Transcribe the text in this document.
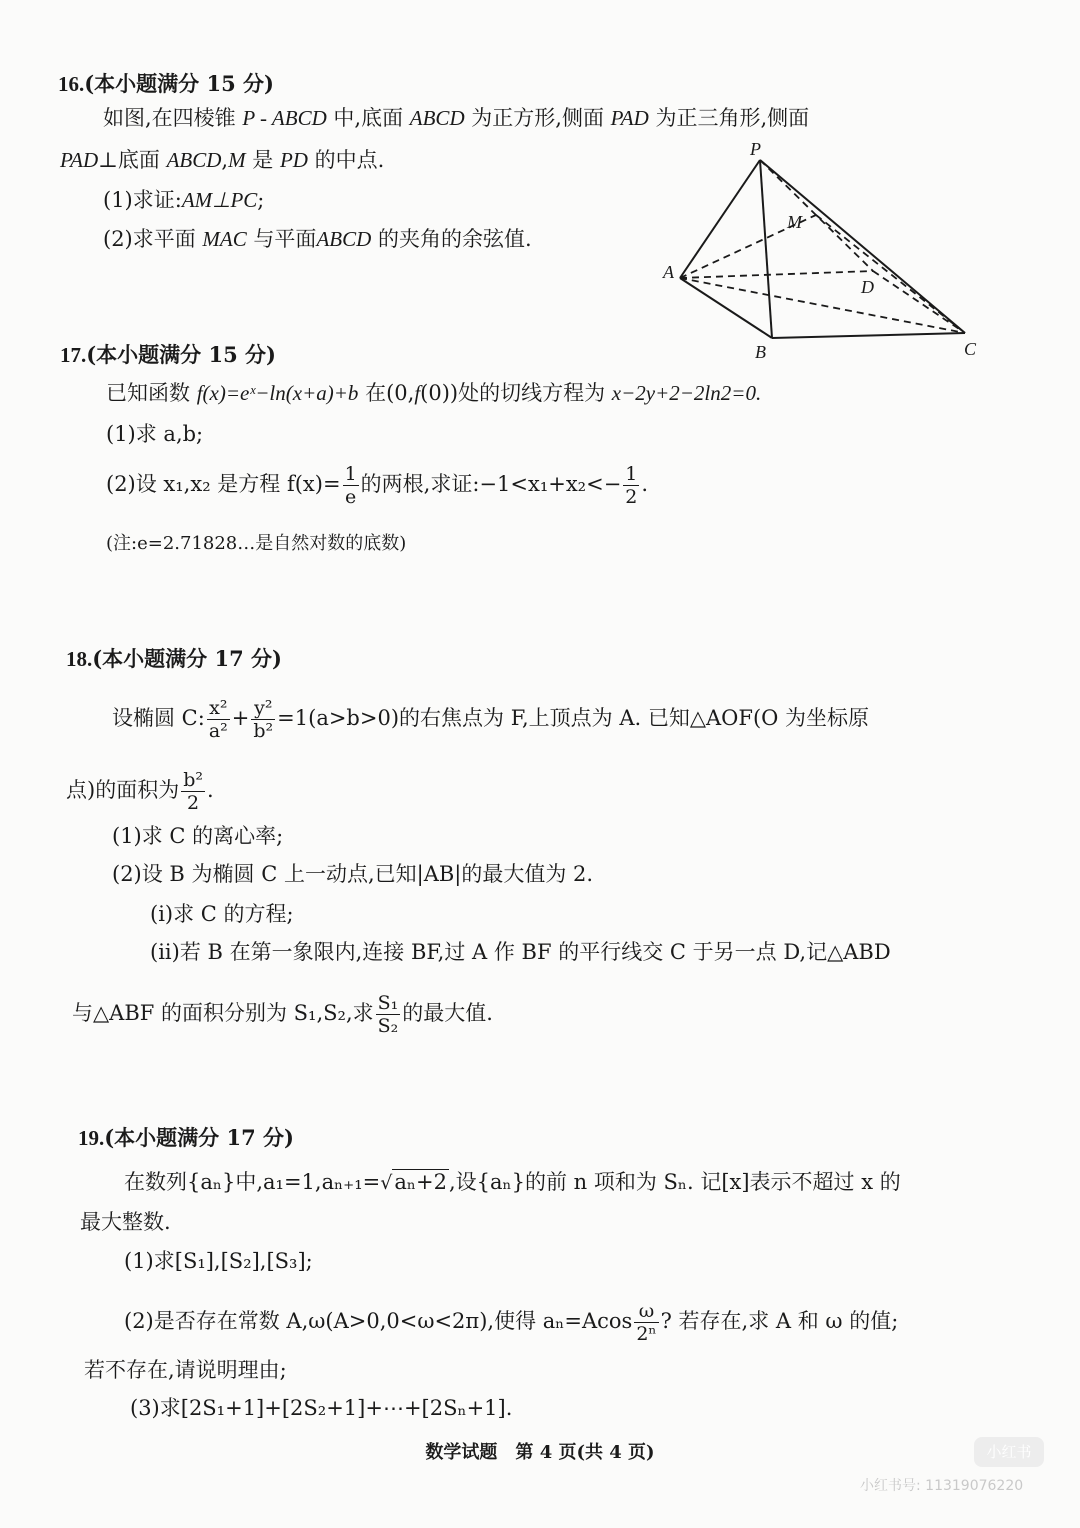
16.(本小题满分 15 分)
如图,在四棱锥 P - ABCD 中,底面 ABCD 为正方形,侧面 PAD 为正三角形,侧面
PAD⊥底面 ABCD,M 是 PD 的中点.
(1)求证:AM⊥PC;
(2)求平面 MAC 与平面ABCD 的夹角的余弦值.
P
M
A
D
B	C
17.(本小题满分 15 分)
已知函数 f(x)=eˣ−ln(x+a)+b 在(0,f(0))处的切线方程为 x−2y+2−2ln2=0.
(1)求 a,b;
(2)设 x₁,x₂ 是方程 $f(x)= \frac{1}{e}$ 的两根,求证:−1<x₁+x₂<− $\frac{1}{2}$ .
(注:e=2.71828…是自然对数的底数)
18.(本小题满分 17 分)
设椭圆 C: $\frac{\text{x²}}{\text{a²}} + \frac{\text{y²}}{\text{b²}} =1(a>b>0)$的右焦点为 F,上顶点为 A. 已知△AOF(O 为坐标原
点)的面积为 $\frac{\text{b²}}{2}$ .
(1)求 C 的离心率;
(2)设 B 为椭圆 C 上一动点,已知|AB|的最大值为 2.
(i)求 C 的方程;
(ii)若 B 在第一象限内,连接 BF,过 A 作 BF 的平行线交 C 于另一点 D,记△ABD
与△ABF 的面积分别为 S₁,S₂,求 $\frac{\text{S₁}}{\text{S₂}}$ 的最大值.
19.(本小题满分 17 分)
在数列{aₙ}中,a₁=1,aₙ₊₁=√aₙ+2,设{aₙ}的前 n 项和为 Sₙ. 记[x]表示不超过 x 的
最大整数.
(1)求[S₁],[S₂],[S₃];
(2)是否存在常数 A,ω(A>0,0<ω<2π),使得 $a_n=Acos \frac{\omega}{\text{2ⁿ}}$ ? 若存在,求 A 和 ω 的值;
若不存在,请说明理由;
(3)求[2S₁+1]+[2S₂+1]+⋯+[2Sₙ+1].
数学试题　第 4 页(共 4 页)	小红书
小红书号: 11319076220
